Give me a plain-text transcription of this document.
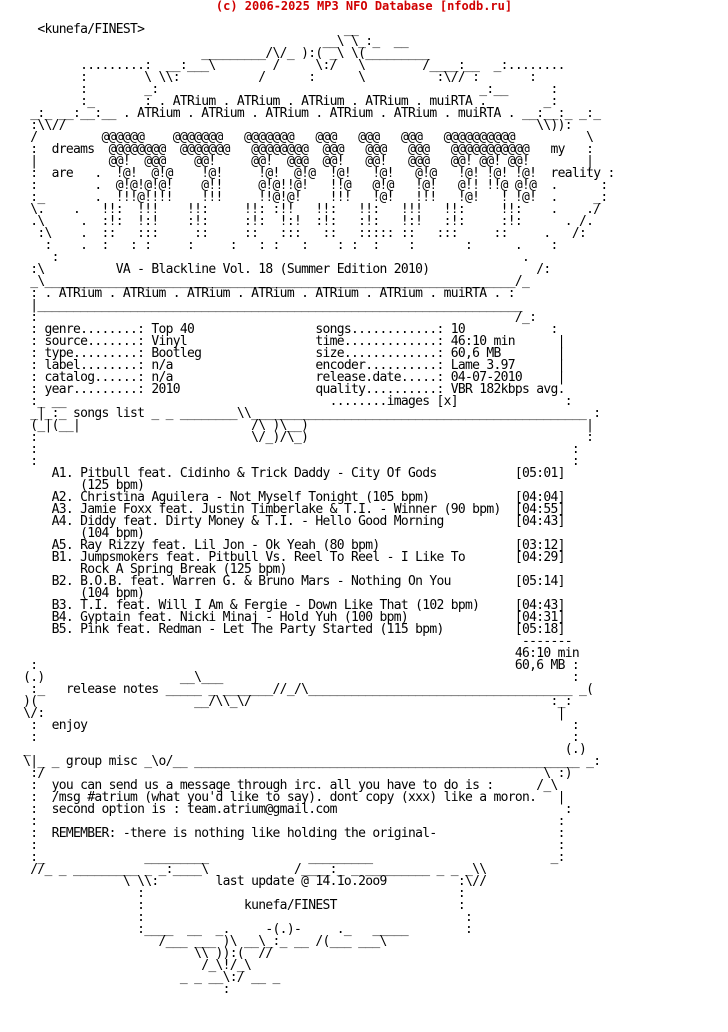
(c) 2006-2025 MP3 NFO Database [nfodb.ru]

<kunefa/FINEST>                            __
__\ \_:_  __
_________/\/_ ):( _\ \(_________
.........:  __:___\        /     \:/   \        /____:__  _:........
:        \ \\:           /      :      \          :\// :       :
:        _:                                             _:__      :
:_       : . ATRium . ATRium . ATRium . ATRium . muiRTA .        _:
_:_ __:__:__ . ATRium . ATRium . ATRium . ATRium . ATRium . muiRTA . __:__:_ _:_
:\\//                                                                  \\)):
/         @@@@@@    @@@@@@@   @@@@@@@   @@@   @@@   @@@   @@@@@@@@@@          \
:  dreams  @@@@@@@@  @@@@@@@   @@@@@@@@  @@@   @@@   @@@   @@@@@@@@@@@   my   :
|          @@!  @@@    @@!     @@!  @@@  @@!   @@!   @@@   @@! @@! @@!        |
:  are   .  !@!  @!@    !@!     !@!  @!@  !@!   !@!   @!@   !@! !@! !@!  reality :
:        .  @!@!@!@!    @!!     @!@!!@!   !!@   @!@   !@!   @!! !!@ @!@  .      :
:_       .  !!!@!!!!    !!!     !!@!@!    !!!   !@!   !!!   !@!   ! !@!  .     _:
\.    .   !!:  !!!    !!:     !!: :!!   !!:   !!:   !!!   !!:     !!:    .    ./
.\     .  :!:  !:!    :!:     :!:  !:!  :!:   :!:   !:!   :!:     :!:      . /.
:\    .  ::   :::     ::     ::   :::   ::   ::::: ::   :::     ::     .   /:
:    .  :   : :     :     :   : :   :    : :  :    :       :      .    :
:                                                                 .
:\          VA - Blackline Vol. 18 (Summer Edition 2010)               /:
_\__________________________________________________________________/_
: . ATRium . ATRium . ATRium . ATRium . ATRium . ATRium . muiRTA . :
|____________________________________________________________________
:                                                                   /_:
: genre........: Top 40                 songs............: 10            :
: source.......: Vinyl                  time.............: 46:10 min      |
: type.........: Bootleg                size.............: 60,6 MB        |
: label........: n/a                    encoder..........: Lame 3.97      |
: catalog......: n/a                    release.date.....: 04-07-2010     |
: year.........: 2010                   quality..........: VBR 182kbps avg.
:_ __                                     ........images [x]               :
_|_:_ songs list _ _ ________\\_______________________________________________ :
(_|(__|                        /\ )\__)                                       |
:                              \/_)/\_)                                       :
:                                                                           :
:                                                                           :
A1. Pitbull feat. Cidinho & Trick Daddy - City Of Gods           [05:01]
(125 bpm)
A2. Christina Aguilera - Not Myself Tonight (105 bpm)            [04:04]
A3. Jamie Foxx feat. Justin Timberlake & T.I. - Winner (90 bpm)  [04:55]
A4. Diddy feat. Dirty Money & T.I. - Hello Good Morning          [04:43]
(104 bpm)
A5. Ray Rizzy feat. Lil Jon - Ok Yeah (80 bpm)                   [03:12]
B1. Jumpsmokers feat. Pitbull Vs. Reel To Reel - I Like To       [04:29]
Rock A Spring Break (125 bpm)
B2. B.O.B. feat. Warren G. & Bruno Mars - Nothing On You         [05:14]
(104 bpm)
B3. T.I. feat. Will I Am & Fergie - Down Like That (102 bpm)     [04:43]
B4. Gyptain feat. Nicki Minaj - Hold Yuh (100 bpm)               [04:31]
B5. Pink feat. Redman - Let The Party Started (115 bpm)          [05:18]
-------
46:10 min
:                                                                   60,6 MB :
(.)                   __\___                                                 :
:_   release notes _____ _ _______//_/\_____________________________________ _(
)(                      __/\\_\/                                          :_:
\/:                                                                        |
:  enjoy                                                                    :
:                                                                           :
_                                                                           (.)
\|_ _ group misc _\o/__ ______________________________________________________ _:
:/                                                                      \ :)
:  you can send us a message through irc. all you have to do is :      /_\
:  /msg #atrium (what you'd like to say). dont copy (xxx) like a moron.   |
:  second option is : team.atrium@gmail.com                                :
:                                                                         :
:  REMEMBER: -there is nothing like holding the original-                 :
:                                                                         :
:_              _________              _________                         _:
//_ _ _________ _ _:____\            /____:_ _ _________ _ _ _\\
\ \\:        last update @ 14.1o.2oo9          :\//
:                                            :
:              kunefa/FINEST                 :
:                                             :
:____  __  _.     -(.)-     ._   _____        :
/___ ___ )\ __\_:_ __ /(___ ___\
\\ )):(  //
/_\!/_\
_ _ __\:/ __ _
:
